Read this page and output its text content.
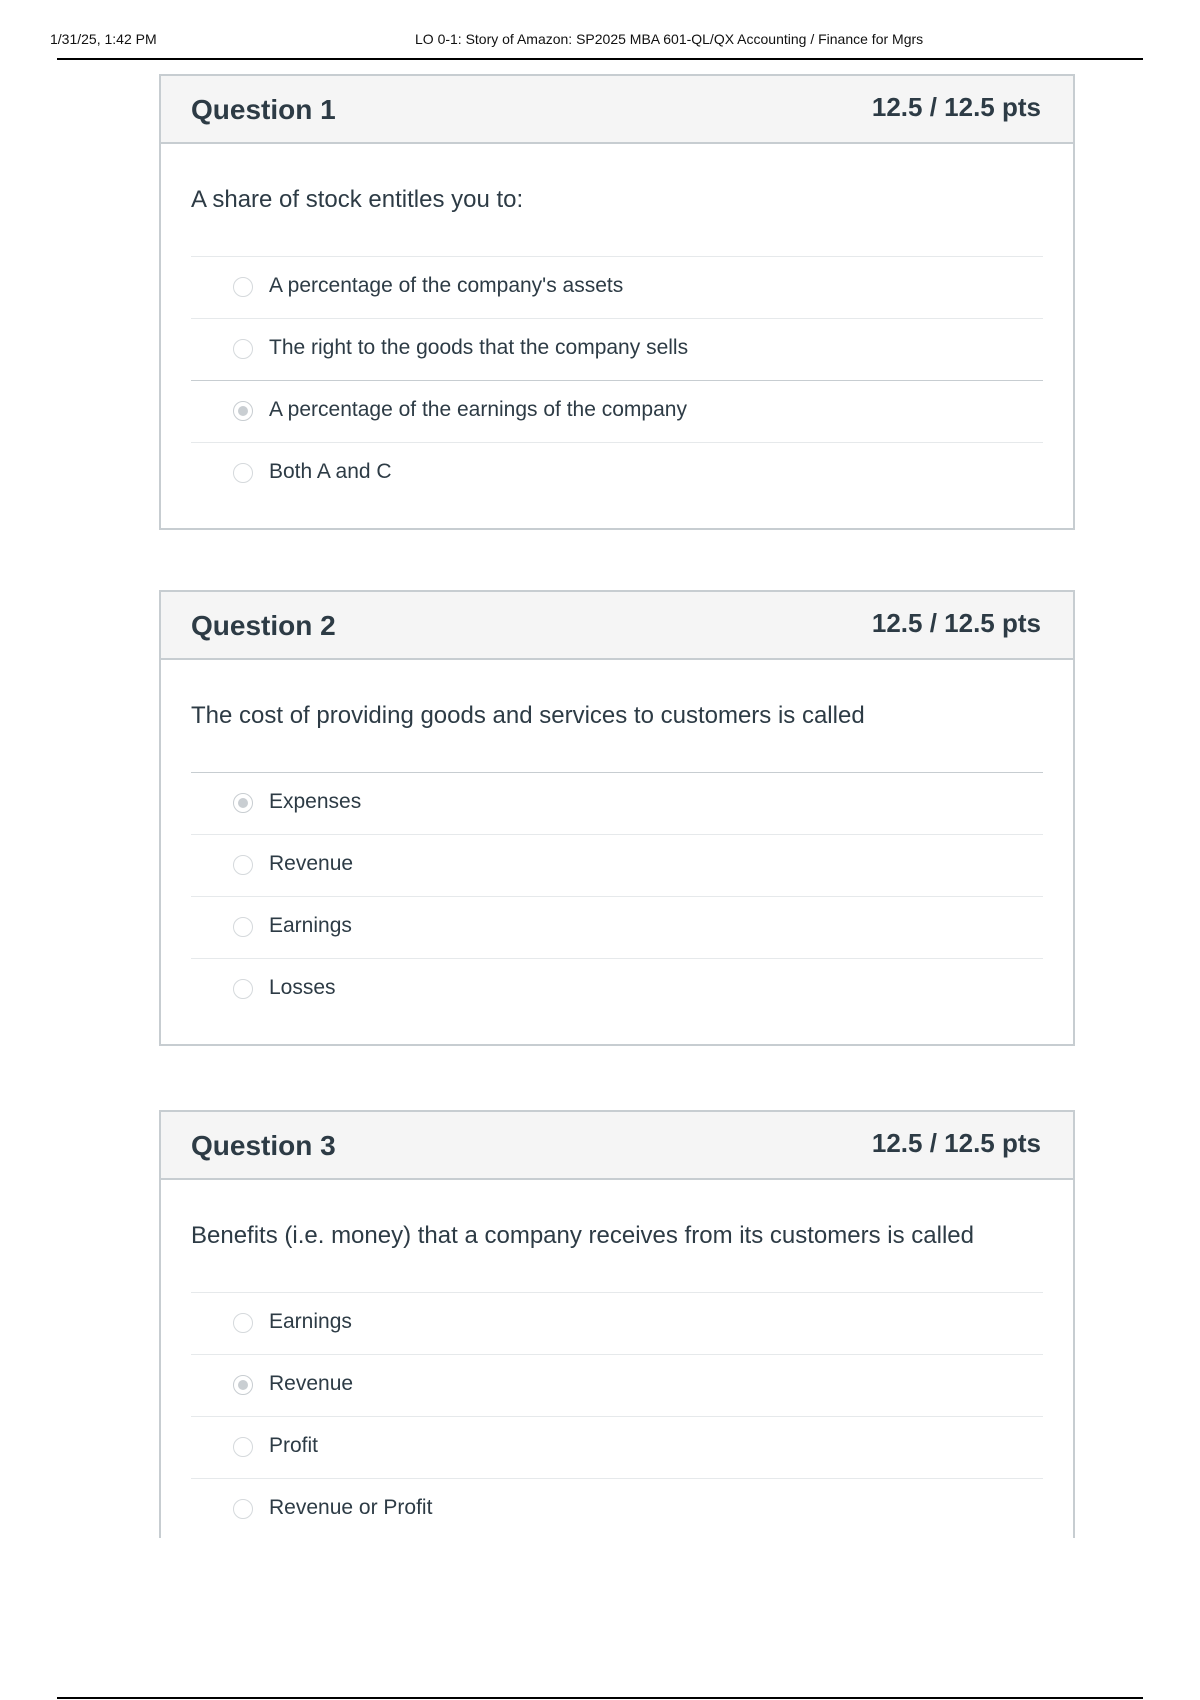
1/31/25, 1:42 PM	LO 0-1: Story of Amazon: SP2025 MBA 601-QL/QX Accounting / Finance for Mgrs
Question 1	12.5 / 12.5 pts
A share of stock entitles you to:
A percentage of the company's assets
The right to the goods that the company sells
A percentage of the earnings of the company
Both A and C
Question 2	12.5 / 12.5 pts
The cost of providing goods and services to customers is called
Expenses
Revenue
Earnings
Losses
Question 3	12.5 / 12.5 pts
Benefits (i.e. money) that a company receives from its customers is called
Earnings
Revenue
Profit
Revenue or Profit
